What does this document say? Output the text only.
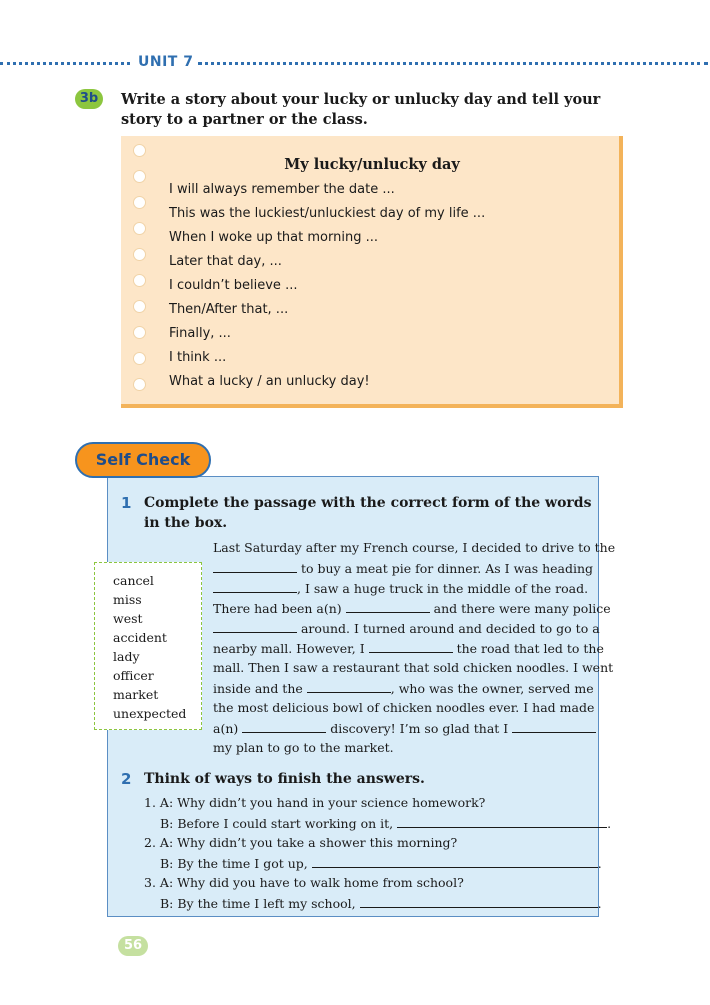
UNIT 7
3b	Write a story about your lucky or unlucky day and tell your story to a partner or the class.
My lucky/unlucky day
I will always remember the date ...
This was the luckiest/unluckiest day of my life ...
When I woke up that morning ...
Later that day, ...
I couldn’t believe ...
Then/After that, ...
Finally, ...
I think ...
What a lucky / an unlucky day!
Self Check
1 Complete the passage with the correct form of the words in the box.
cancel
miss
west
accident
lady
officer
market
unexpected
Last Saturday after my French course, I decided to drive to the
to buy a meat pie for dinner. As I was heading
, I saw a huge truck in the middle of the road.
There had been a(n)	and there were many police
around. I turned around and decided to go to a
nearby mall. However, I	the road that led to the
mall. Then I saw a restaurant that sold chicken noodles. I went
inside and the	, who was the owner, served me
the most delicious bowl of chicken noodles ever. I had made
a(n)	discovery! I’m so glad that I
my plan to go to the market.
2 Think of ways to finish the answers.
1. A: Why didn’t you hand in your science homework?
B: Before I could start working on it,	.
2. A: Why didn’t you take a shower this morning?
B: By the time I got up,	.
3. A: Why did you have to walk home from school?
B: By the time I left my school,	.
56
